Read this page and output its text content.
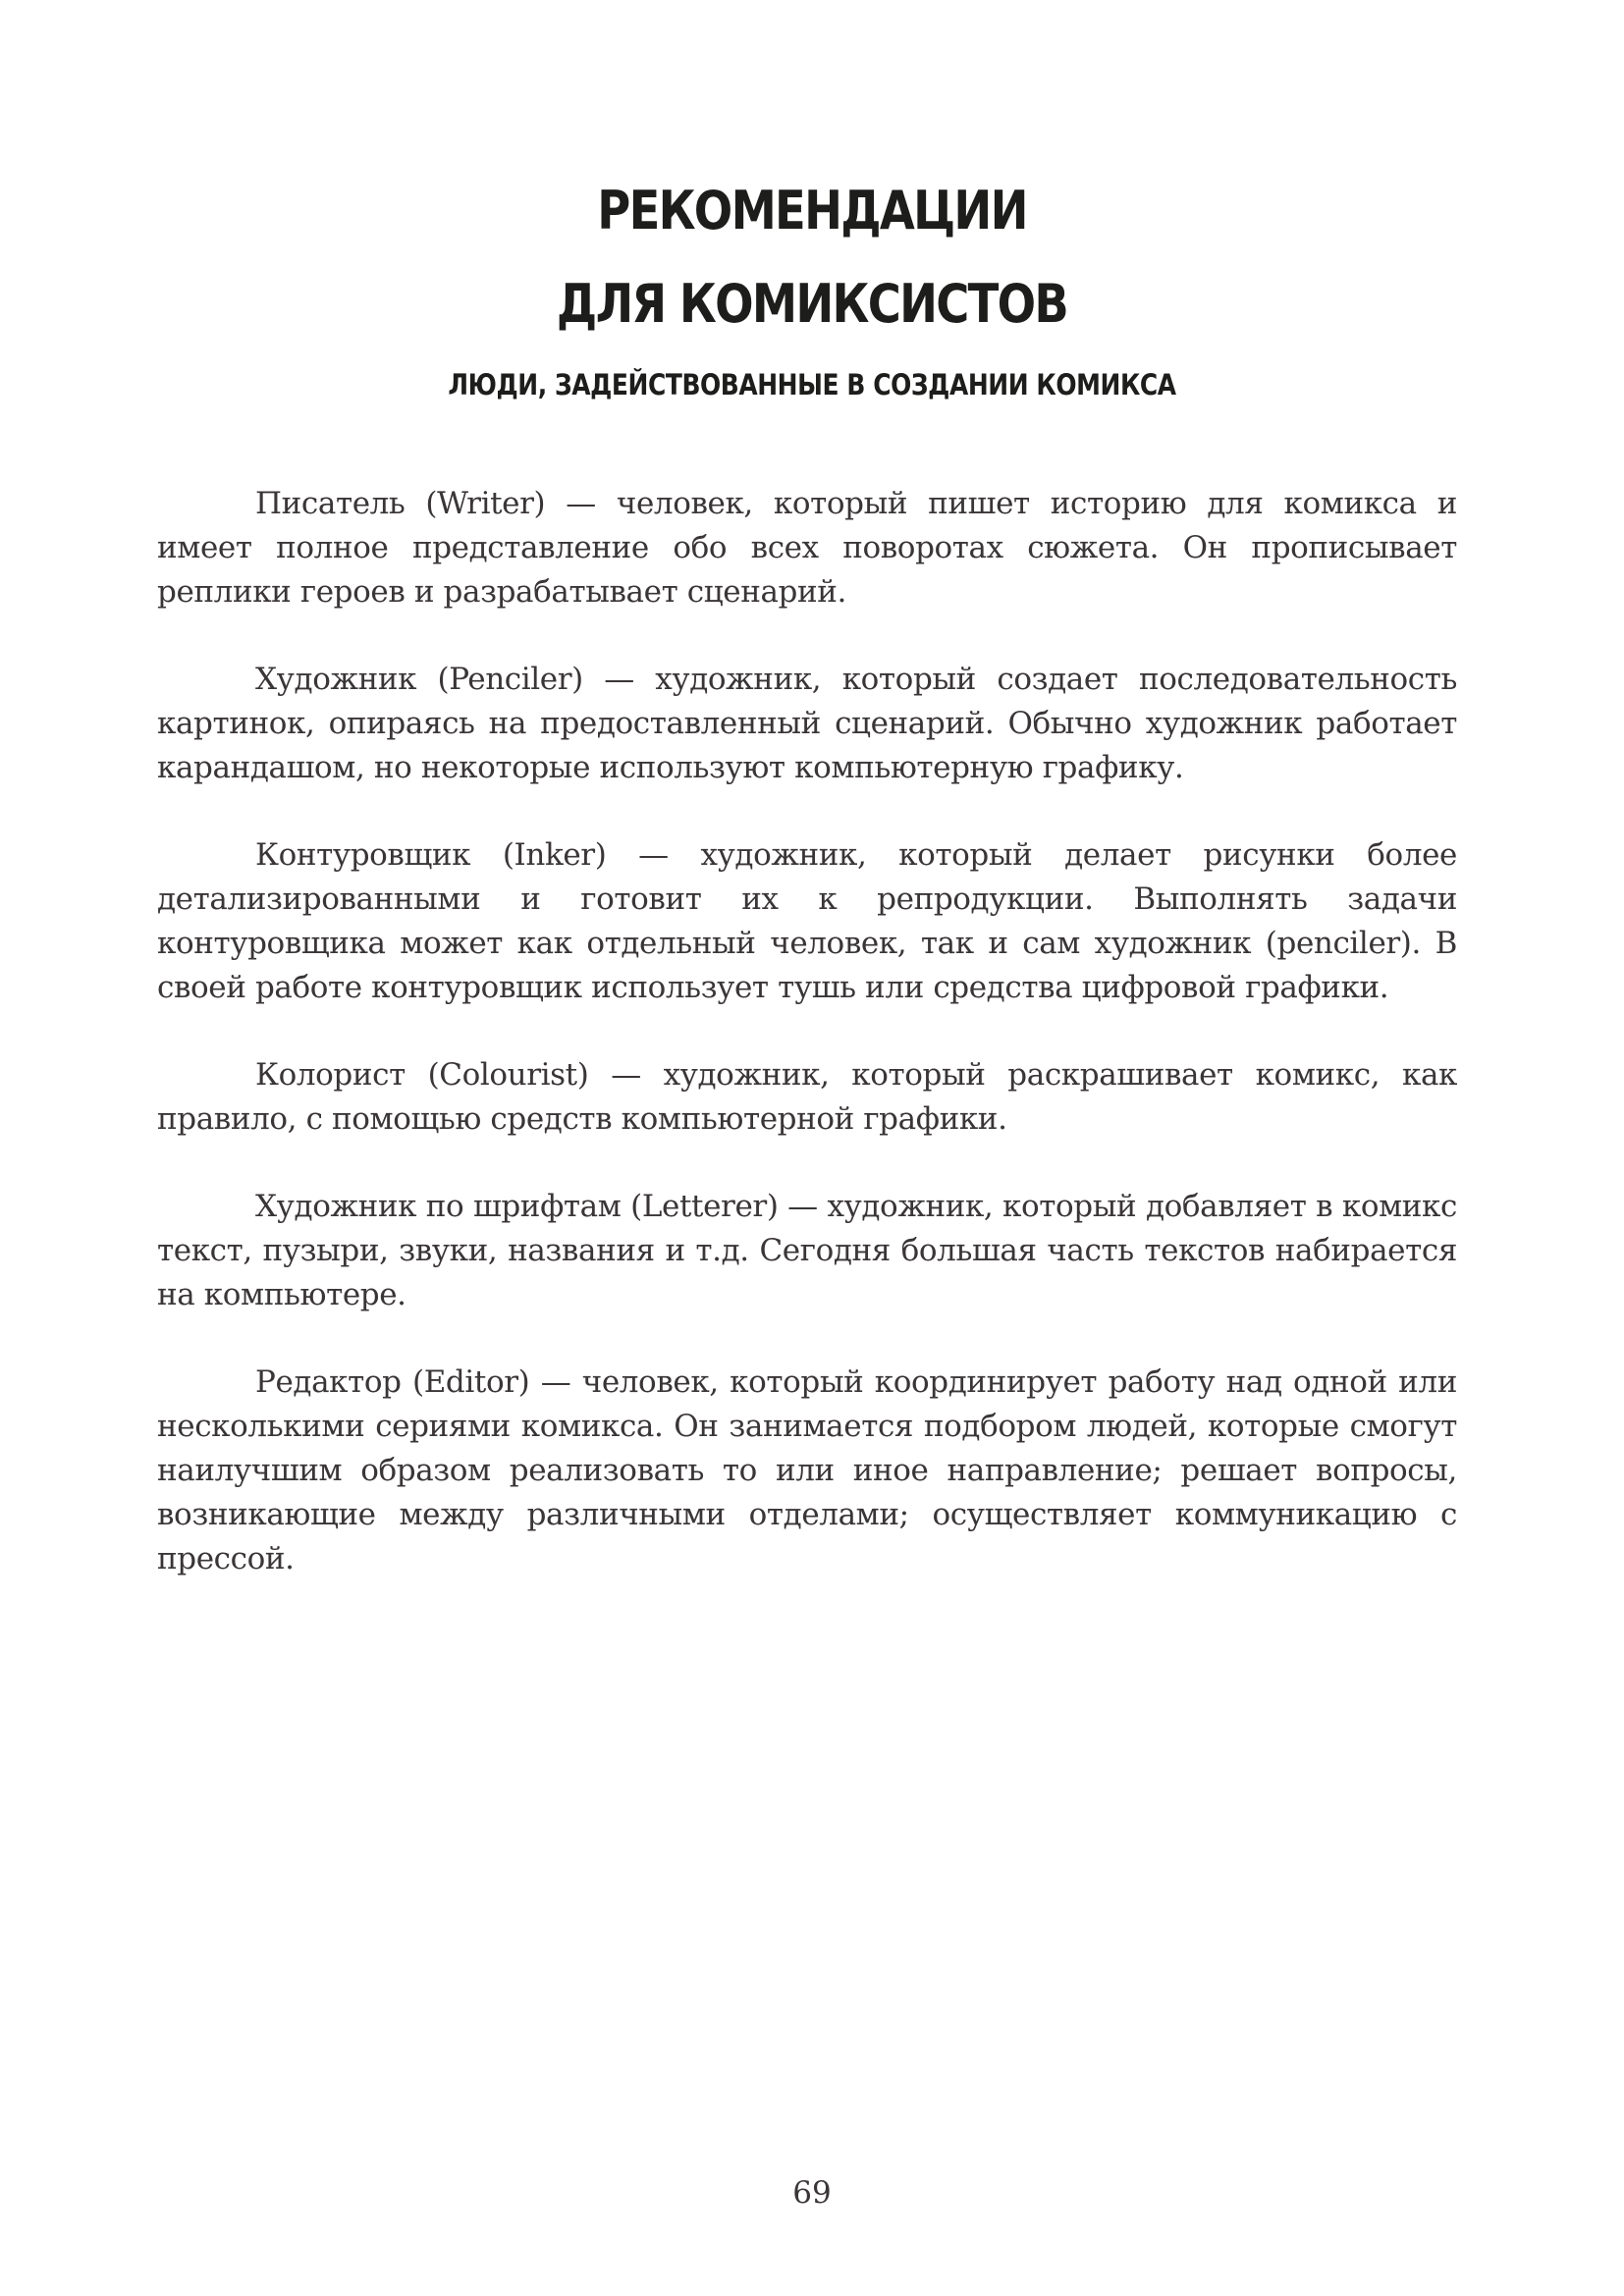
РЕКОМЕНДАЦИИ
ДЛЯ КОМИКСИСТОВ
ЛЮДИ, ЗАДЕЙСТВОВАННЫЕ В СОЗДАНИИ КОМИКСА

Писатель (Writer) — человек, который пишет историю для комикса и имеет полное представление обо всех поворотах сюжета. Он прописывает реплики героев и разрабатывает сценарий.

Художник (Penciler) — художник, который создает последовательность картинок, опираясь на предоставленный сценарий. Обычно художник работает карандашом, но некоторые используют компьютерную графику.

Контуровщик (Inker) — художник, который делает рисунки более детализированными и готовит их к репродукции. Выполнять задачи контуровщика может как отдельный человек, так и сам художник (penciler). В своей работе контуровщик использует тушь или средства цифровой графики.

Колорист (Colourist) — художник, который раскрашивает комикс, как правило, с помощью средств компьютерной графики.

Художник по шрифтам (Letterer) — художник, который добавляет в комикс текст, пузыри, звуки, названия и т.д. Сегодня большая часть текстов набирается на компьютере.

Редактор (Editor) — человек, который координирует работу над одной или несколькими сериями комикса. Он занимается подбором людей, которые смогут наилучшим образом реализовать то или иное направление; решает вопросы, возникающие между различными отделами; осуществляет коммуникацию с прессой.

69
